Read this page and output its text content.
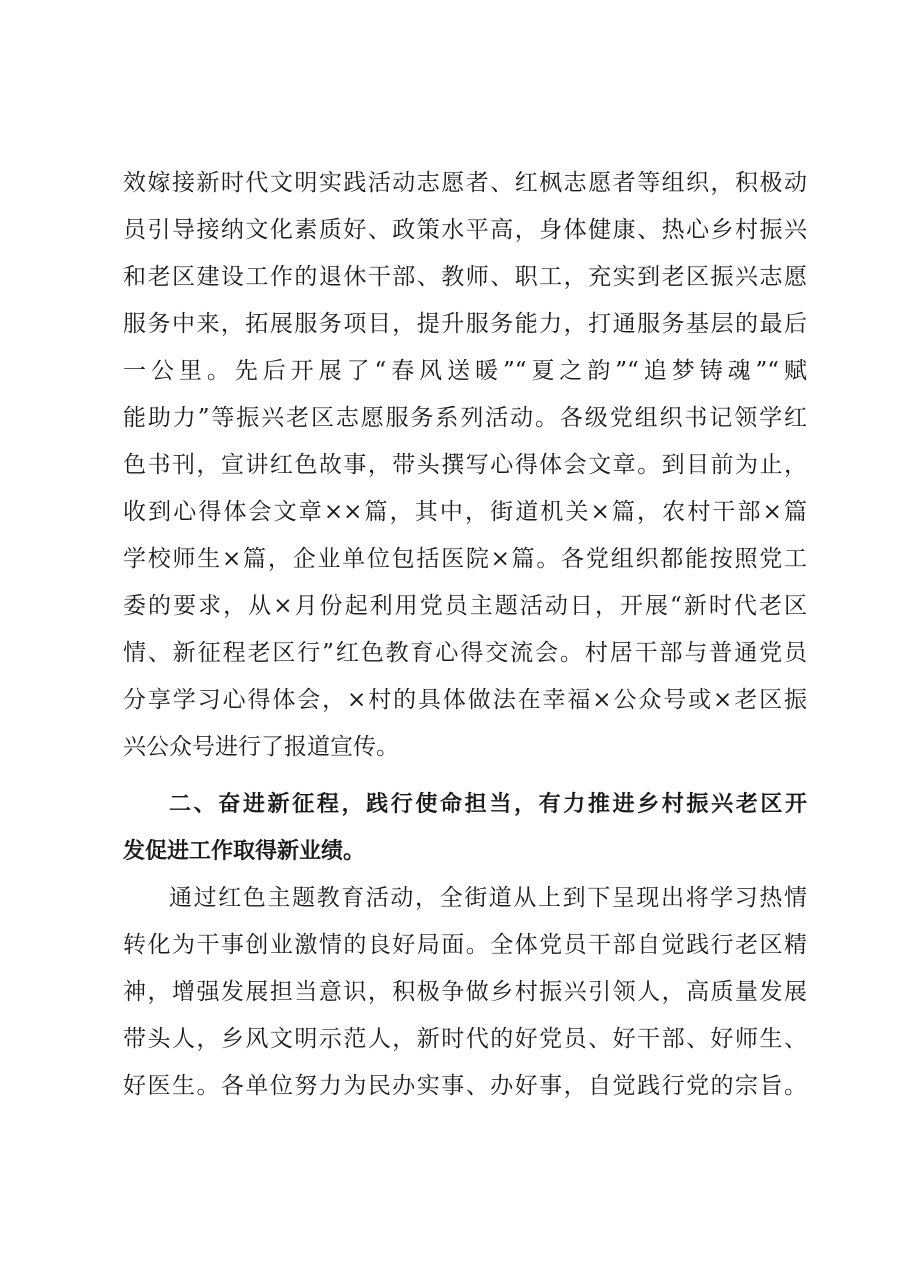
效嫁接新时代文明实践活动志愿者、红枫志愿者等组织，积极动
员引导接纳文化素质好、政策水平高，身体健康、热心乡村振兴
和老区建设工作的退休干部、教师、职工，充实到老区振兴志愿
服务中来，拓展服务项目，提升服务能力，打通服务基层的最后
一公里。先后开展了“春风送暖”“夏之韵”“追梦铸魂”“赋
能助力”等振兴老区志愿服务系列活动。各级党组织书记领学红
色书刊，宣讲红色故事，带头撰写心得体会文章。到目前为止，
收到心得体会文章××篇，其中，街道机关×篇，农村干部×篇
学校师生×篇，企业单位包括医院×篇。各党组织都能按照党工
委的要求，从×月份起利用党员主题活动日，开展“新时代老区
情、新征程老区行”红色教育心得交流会。村居干部与普通党员
分享学习心得体会，×村的具体做法在幸福×公众号或×老区振
兴公众号进行了报道宣传。
二、奋进新征程，践行使命担当，有力推进乡村振兴老区开
发促进工作取得新业绩。
通过红色主题教育活动，全街道从上到下呈现出将学习热情
转化为干事创业激情的良好局面。全体党员干部自觉践行老区精
神，增强发展担当意识，积极争做乡村振兴引领人，高质量发展
带头人，乡风文明示范人，新时代的好党员、好干部、好师生、
好医生。各单位努力为民办实事、办好事，自觉践行党的宗旨。
